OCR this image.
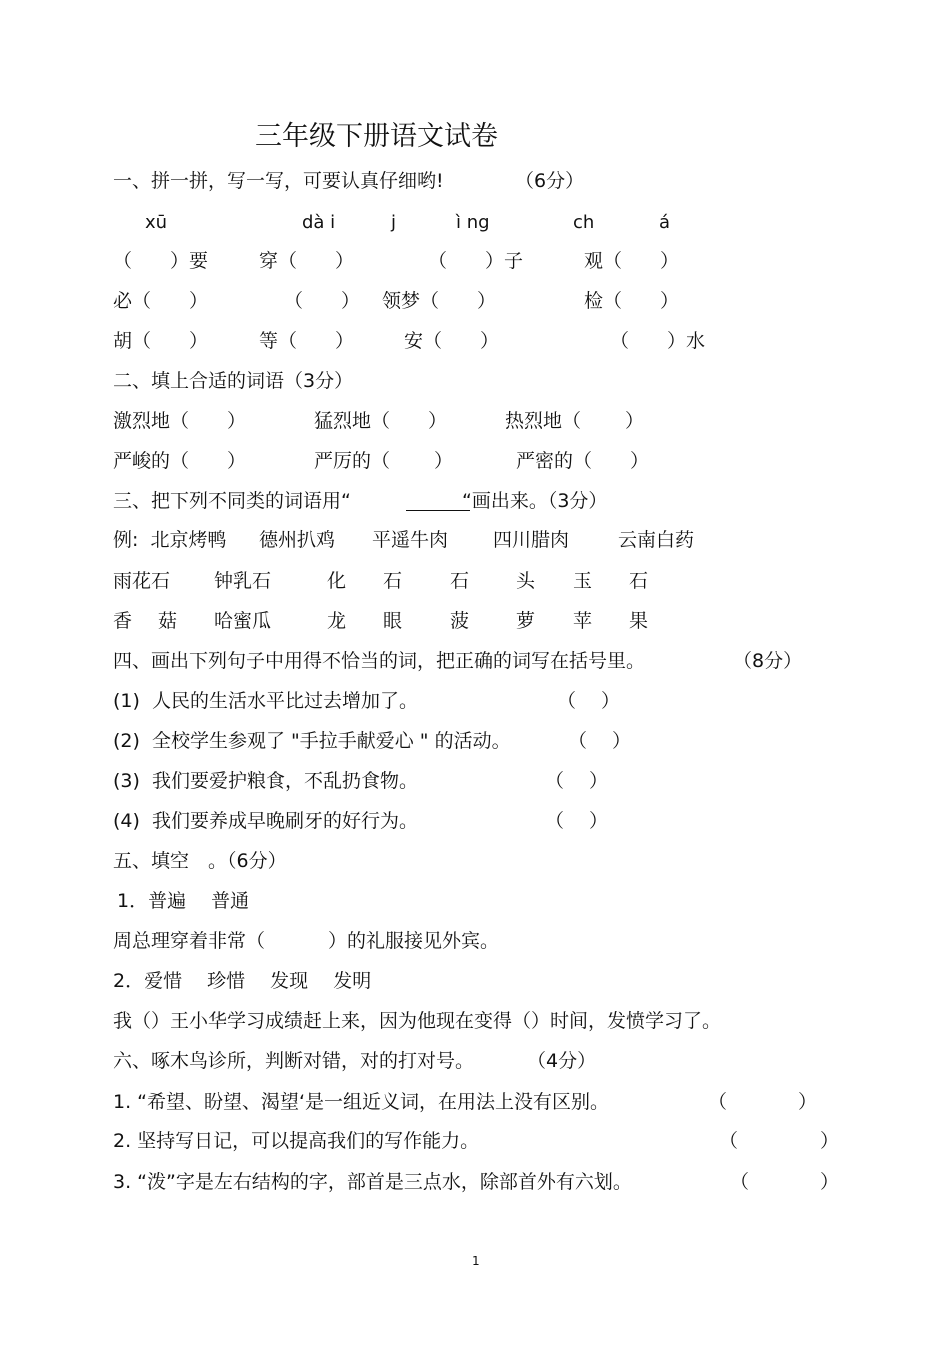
三年级下册语文试卷
一、拼一拼，写一写，可要认真仔细哟!	（6分）
xū	dà i	j	ì ng	ch	á
（　　）要	穿（　　）	（　　）子	观（　　）
必（　　）	（　　） 领梦（　　）	检（　　）
胡（　　）	等（　　）	安（　　）	（　　）水
二、填上合适的词语（3分）
激烈地（　　）	猛烈地（　　）	热烈地（　　 ）
严峻的（　　）	严厉的（　　 ）	严密的（　　）
三、把下列不同类的词语用“	“画出来。（3分）
例:  北京烤鸭 德州扒鸡 平遥牛肉 四川腊肉	云南白药
雨花石 钟乳石	化 石	石 头 玉 石
香 菇 哈蜜瓜	龙 眼	菠 萝 苹 果
四、画出下列句子中用得不恰当的词，把正确的词写在括号里。	（8分）
(1)  人民的生活水平比过去增加了。	（　 ）
(2)  全校学生参观了 "手拉手献爱心 " 的活动。	（　 ）
(3)  我们要爱护粮食，不乱扔食物。	（　 ）
(4)  我们要养成早晚刷牙的好行为。	（　 ）
五、填空　。（6分）
1．普遍　 普通
周总理穿着非常（　　　 ）的礼服接见外宾。
2．爱惜　 珍惜　 发现　 发明
我（）王小华学习成绩赶上来，因为他现在变得（）时间，发愤学习了。
六、啄木鸟诊所，判断对错，对的打对号。	（4分）
1. “希望、盼望、渴望‘是一组近义词，在用法上没有区别。	（	）
2. 坚持写日记，可以提高我们的写作能力。	（	）
3. “泼”字是左右结构的字，部首是三点水，除部首外有六划。	（	）
1
